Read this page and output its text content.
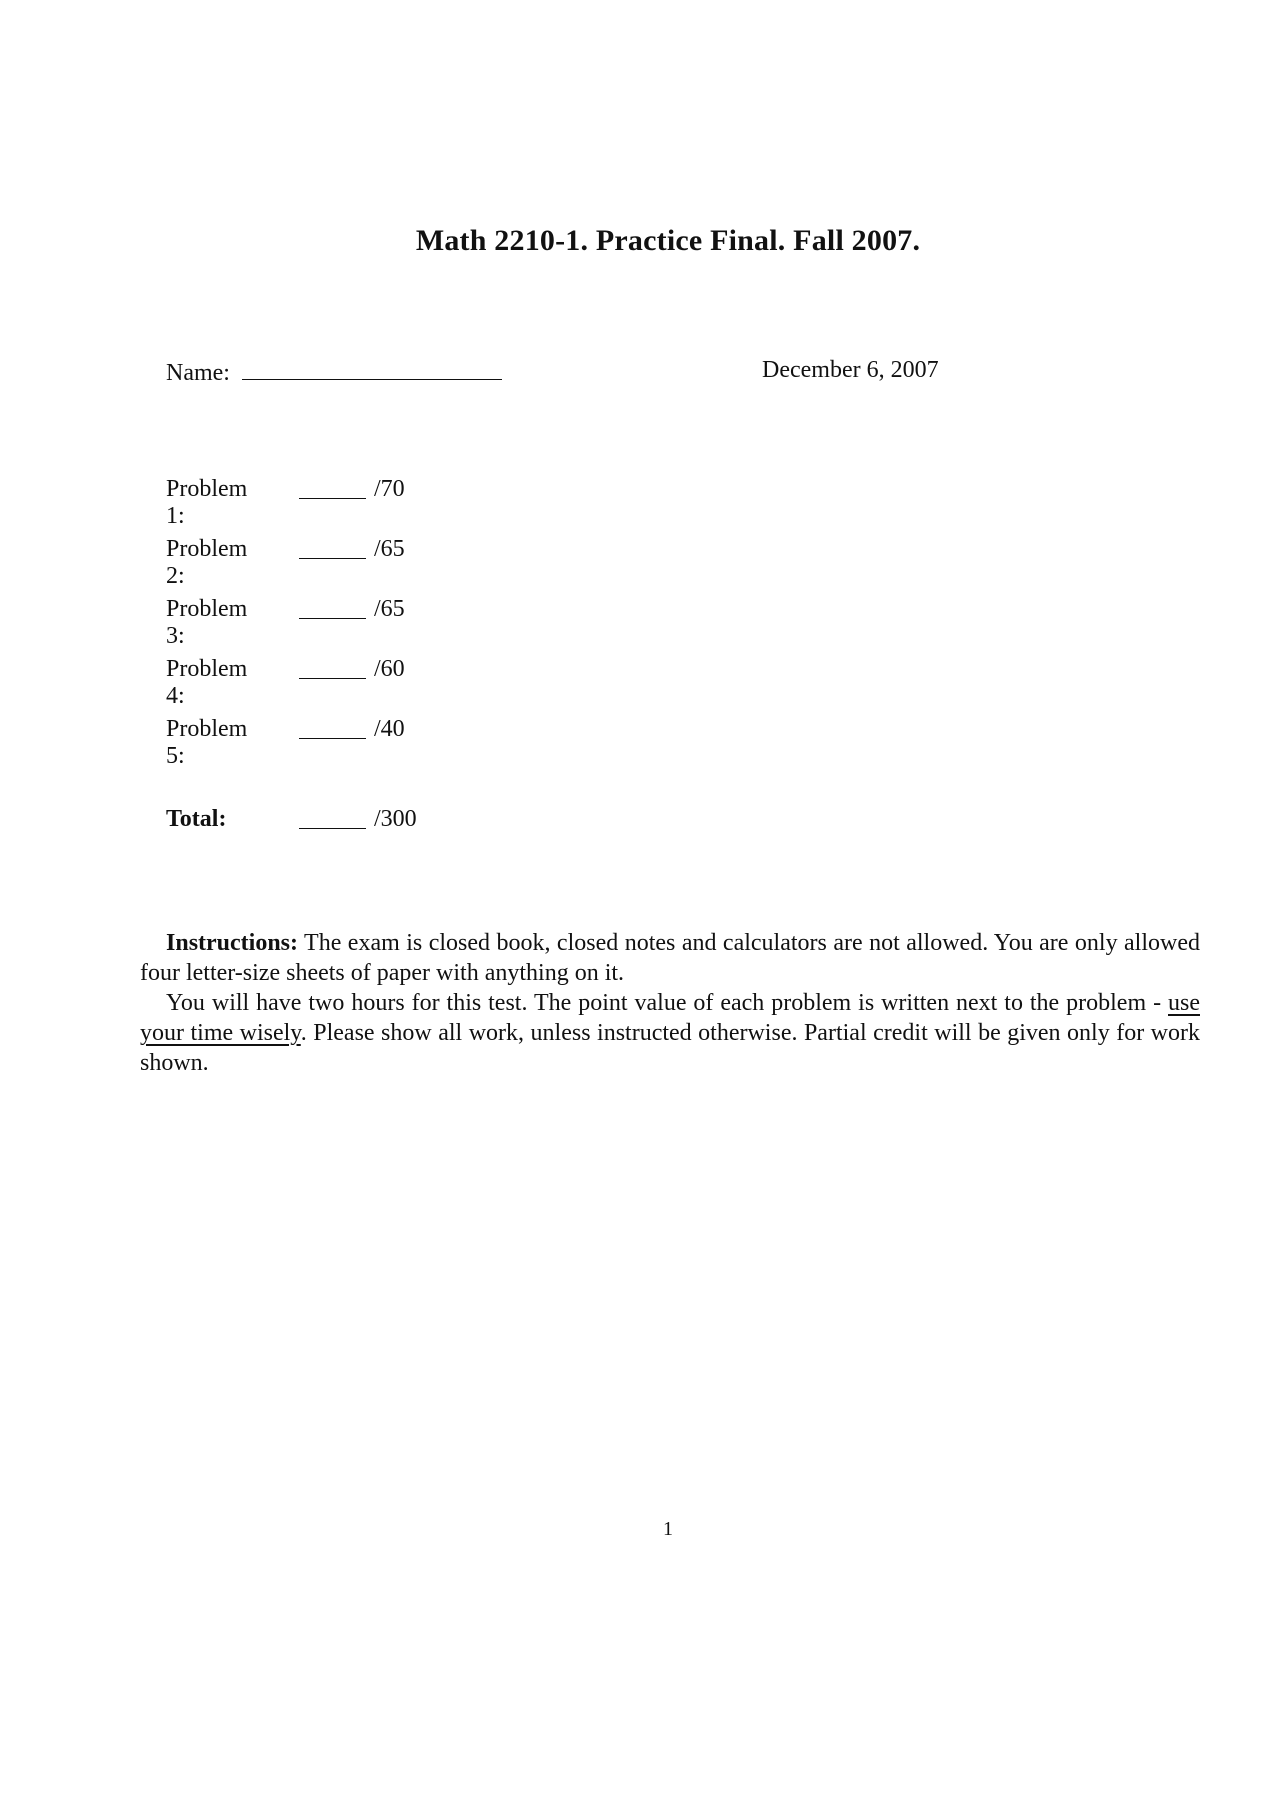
Math 2210-1. Practice Final. Fall 2007.
Name:	December 6, 2007
Problem 1:
/70
Problem 2:
/65
Problem 3:
/65
Problem 4:
/60
Problem 5:
/40
Total:	/300

Instructions: The exam is closed book, closed notes and calculators are not allowed. You are only allowed four letter-size sheets of paper with anything on it.

You will have two hours for this test. The point value of each problem is written next to the problem - use your time wisely. Please show all work, unless instructed otherwise. Partial credit will be given only for work shown.

1
